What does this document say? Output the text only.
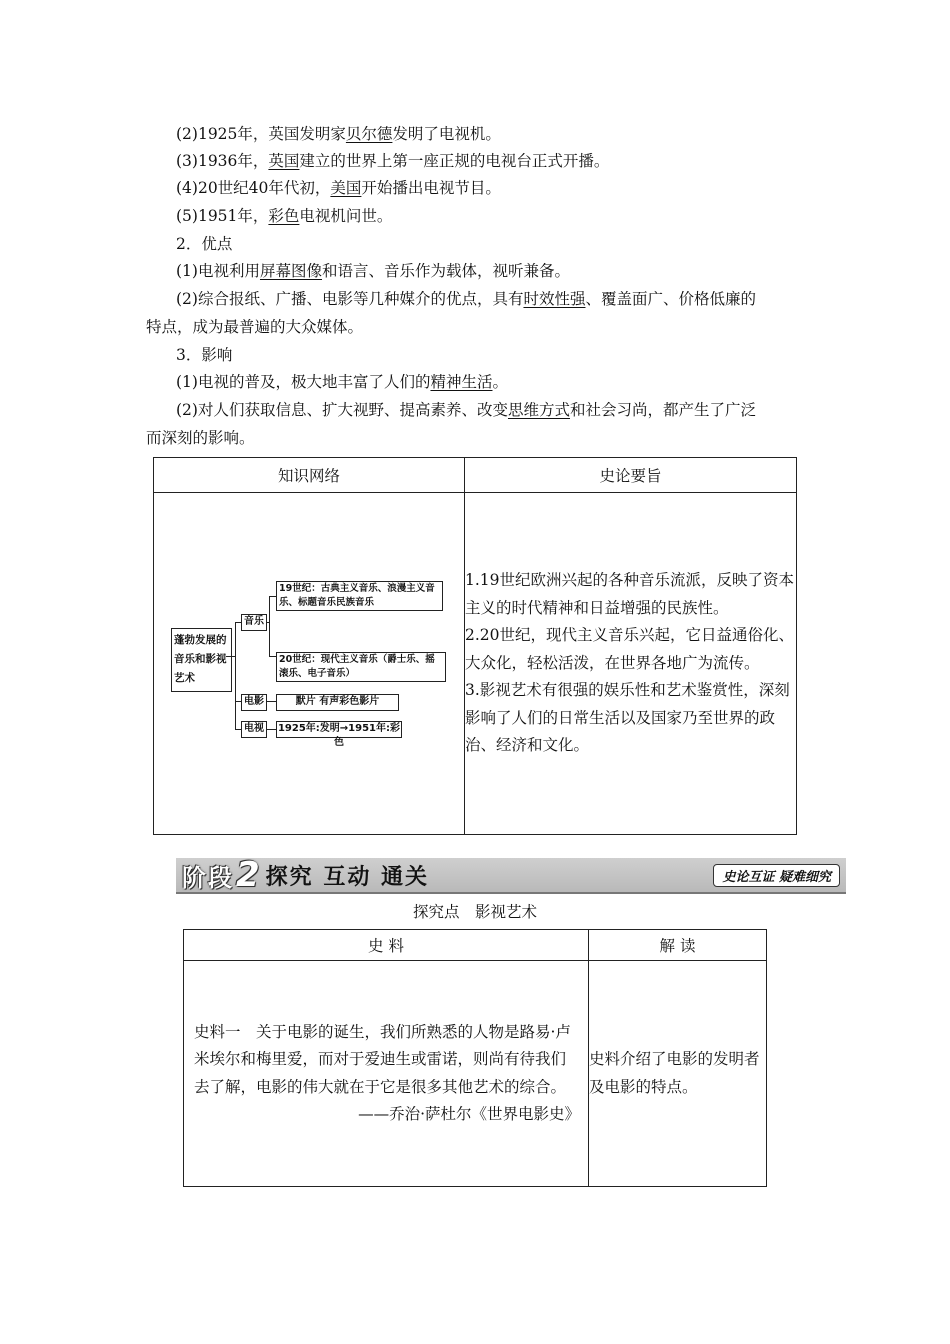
(2)1925年，英国发明家贝尔德发明了电视机。
(3)1936年，英国建立的世界上第一座正规的电视台正式开播。
(4)20世纪40年代初，美国开始播出电视节目。
(5)1951年，彩色电视机问世。
2．优点
(1)电视利用屏幕图像和语言、音乐作为载体，视听兼备。
(2)综合报纸、广播、电影等几种媒介的优点，具有时效性强、覆盖面广、价格低廉的
特点，成为最普遍的大众媒体。
3．影响
(1)电视的普及，极大地丰富了人们的精神生活。
(2)对人们获取信息、扩大视野、提高素养、改变思维方式和社会习尚，都产生了广泛
而深刻的影响。
知识网络	史论要旨

	1.19世纪欧洲兴起的各种音乐流派，反映了资本主义的时代精神和日益增强的民族性。
2.20世纪，现代主义音乐兴起，它日益通俗化、大众化，轻松活泼，在世界各地广为流传。
3.影视艺术有很强的娱乐性和艺术鉴赏性，深刻影响了人们的日常生活以及国家乃至世界的政治、经济和文化。
蓬勃发展的音乐和影视艺术
音乐
19世纪：古典主义音乐、浪漫主义音乐、标题音乐民族音乐
20世纪：现代主义音乐（爵士乐、摇滚乐、电子音乐）
电影	默片 有声彩色影片
电视	1925年:发明→1951年:彩色
阶段 2 探究 互动 通关	史论互证 疑难细究
探究点　影视艺术
史 料	解 读

史料一　关于电影的诞生，我们所熟悉的人物是路易·卢米埃尔和梅里爱，而对于爱迪生或雷诺，则尚有待我们去了解，电影的伟大就在于它是很多其他艺术的综合。
——乔治·萨杜尔《世界电影史》	史料介绍了电影的发明者及电影的特点。
